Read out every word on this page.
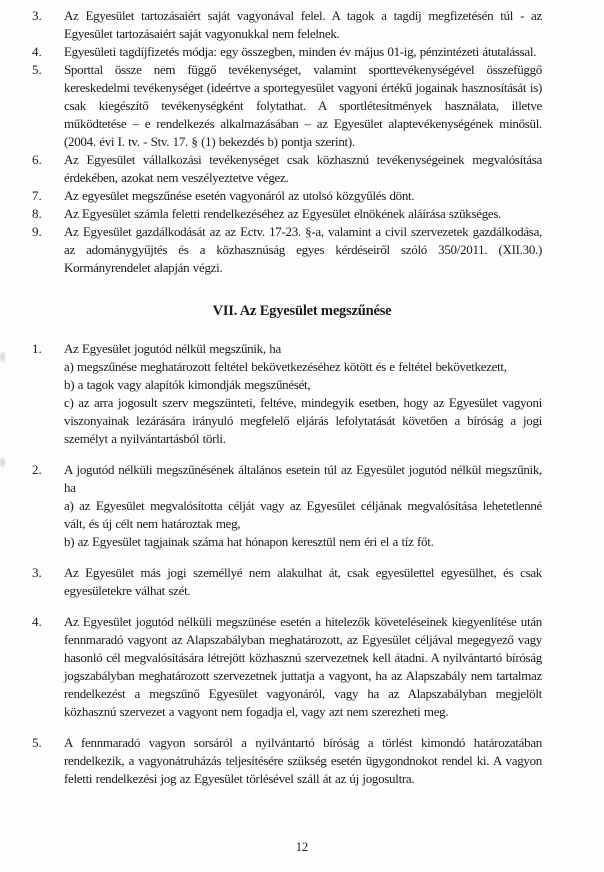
3.	Az Egyesület tartozásaiért saját vagyonával felel. A tagok a tagdíj megfizetésén túl - az Egyesület tartozásaiért saját vagyonukkal nem felelnek.
4.	Egyesületi tagdíjfizetés módja: egy összegben, minden év május 01-ig, pénzintézeti átutalással.
5.	Sporttal össze nem függő tevékenységet, valamint sporttevékenységével összefüggő kereskedelmi tevékenységet (ideértve a sportegyesület vagyoni értékű jogainak hasznosítását is) csak kiegészítő tevékenységként folytathat. A sportlétesítmények használata, illetve működtetése – e rendelkezés alkalmazásában – az Egyesület alaptevékenységének minősül. (2004. évi I. tv. - Stv. 17. § (1) bekezdés b) pontja szerint).
6.	Az Egyesület vállalkozási tevékenységet csak közhasznú tevékenységeinek megvalósítása érdekében, azokat nem veszélyeztetve végez.
7.	Az egyesület megszűnése esetén vagyonáról az utolsó közgyűlés dönt.
8.	Az Egyesület számla feletti rendelkezéséhez az Egyesület elnökének aláírása szükséges.
9.	Az Egyesület gazdálkodását az az Ectv. 17-23. §-a, valamint a civil szervezetek gazdálkodása, az adománygyűjtés és a közhasznúság egyes kérdéseiről szóló 350/2011. (XII.30.) Kormányrendelet alapján végzi.
VII. Az Egyesület megszűnése
1.	Az Egyesület jogutód nélkül megszűnik, ha
a) megszűnése meghatározott feltétel bekövetkezéséhez kötött és e feltétel bekövetkezett,
b) a tagok vagy alapítók kimondják megszűnését,
c) az arra jogosult szerv megszünteti, feltéve, mindegyik esetben, hogy az Egyesület vagyoni viszonyainak lezárására irányuló megfelelő eljárás lefolytatását követően a bíróság a jogi személyt a nyilvántartásból törli.
2.	A jogutód nélküli megszűnésének általános esetein túl az Egyesület jogutód nélkül megszűnik, ha
a) az Egyesület megvalósította célját vagy az Egyesület céljának megvalósítása lehetetlenné vált, és új célt nem határoztak meg,
b) az Egyesület tagjainak száma hat hónapon keresztül nem éri el a tíz főt.
3.	Az Egyesület más jogi személlyé nem alakulhat át, csak egyesülettel egyesülhet, és csak egyesületekre válhat szét.
4.	Az Egyesület jogutód nélküli megszünése esetén a hitelezők követeléseinek kiegyenlítése után fennmaradó vagyont az Alapszabályban meghatározott, az Egyesület céljával megegyező vagy hasonló cél megvalósítására létrejött közhasznú szervezetnek kell átadni. A nyilvántartó bíróság jogszabályban meghatározott szervezetnek juttatja a vagyont, ha az Alapszabály nem tartalmaz rendelkezést a megszűnő Egyesület vagyonáról, vagy ha az Alapszabályban megjelölt közhasznú szervezet a vagyont nem fogadja el, vagy azt nem szerezheti meg.
5.	A fennmaradó vagyon sorsáról a nyilvántartó bíróság a törlést kimondó határozatában rendelkezik, a vagyonátruházás teljesítésére szükség esetén ügygondnokot rendel ki. A vagyon feletti rendelkezési jog az Egyesület törlésével száll át az új jogosultra.
12
